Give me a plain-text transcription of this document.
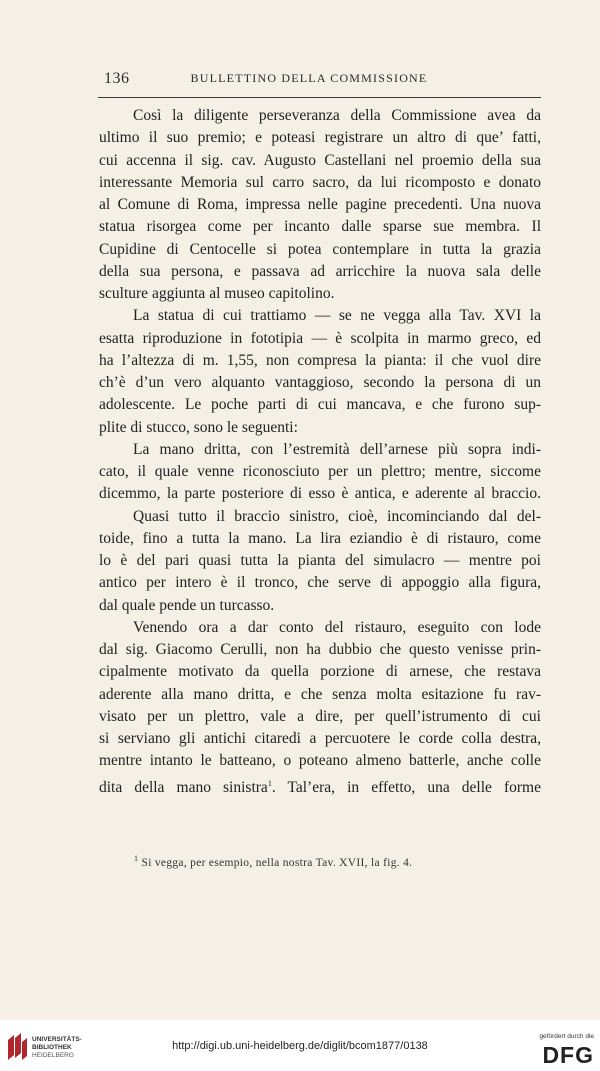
136	BULLETTINO DELLA COMMISSIONE
Così la diligente perseveranza della Commissione avea da
ultimo il suo premio; e poteasi registrare un altro di que’ fatti,
cui accenna il sig. cav. Augusto Castellani nel proemio della sua
interessante Memoria sul carro sacro, da lui ricomposto e donato
al Comune di Roma, impressa nelle pagine precedenti. Una nuova
statua risorgea come per incanto dalle sparse sue membra. Il
Cupidine di Centocelle si potea contemplare in tutta la grazia
della sua persona, e passava ad arricchire la nuova sala delle
sculture aggiunta al museo capitolino.
La statua di cui trattiamo — se ne vegga alla Tav. XVI la
esatta riproduzione in fototipia — è scolpita in marmo greco, ed
ha l’altezza di m. 1,55, non compresa la pianta: il che vuol dire
ch’è d’un vero alquanto vantaggioso, secondo la persona di un
adolescente. Le poche parti di cui mancava, e che furono sup-
plite di stucco, sono le seguenti:
La mano dritta, con l’estremità dell’arnese più sopra indi-
cato, il quale venne riconosciuto per un plettro; mentre, siccome
dicemmo, la parte posteriore di esso è antica, e aderente al braccio.
Quasi tutto il braccio sinistro, cioè, incominciando dal del-
toide, fino a tutta la mano. La lira eziandio è di ristauro, come
lo è del pari quasi tutta la pianta del simulacro — mentre poi
antico per intero è il tronco, che serve di appoggio alla figura,
dal quale pende un turcasso.
Venendo ora a dar conto del ristauro, eseguito con lode
dal sig. Giacomo Cerulli, non ha dubbio che questo venisse prin-
cipalmente motivato da quella porzione di arnese, che restava
aderente alla mano dritta, e che senza molta esitazione fu rav-
visato per un plettro, vale a dire, per quell’istrumento di cui
si serviano gli antichi citaredi a percuotere le corde colla destra,
mentre intanto le batteano, o poteano almeno batterle, anche colle
dita della mano sinistra$^1$. Tal’era, in effetto, una delle forme
$^1$ Si vegga, per esempio, nella nostra Tav. XVII, la fig. 4.
UNIVERSITÄTS-
BIBLIOTHEK
HEIDELBERG
http://digi.ub.uni-heidelberg.de/diglit/bcom1877/0138
gefördert durch die
DFG
